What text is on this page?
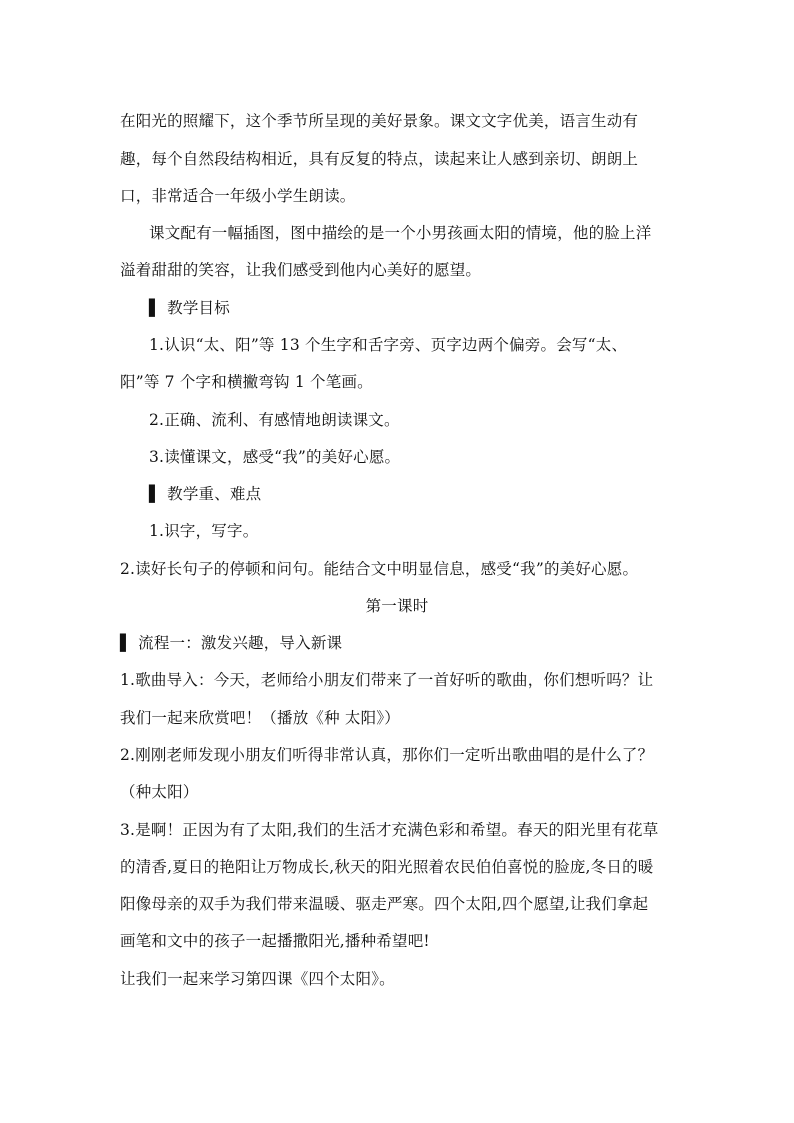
在阳光的照耀下，这个季节所呈现的美好景象。课文文字优美，语言生动有
趣，每个自然段结构相近，具有反复的特点，读起来让人感到亲切、朗朗上
口，非常适合一年级小学生朗读。
课文配有一幅插图，图中描绘的是一个小男孩画太阳的情境，他的脸上洋
溢着甜甜的笑容，让我们感受到他内心美好的愿望。
▌ 教学目标
1.认识“太、阳”等 13 个生字和舌字旁、页字边两个偏旁。会写“太、
阳”等 7 个字和横撇弯钩 1 个笔画。
2.正确、流利、有感情地朗读课文。
3.读懂课文，感受“我”的美好心愿。
▌ 教学重、难点
1.识字，写字。
2.读好长句子的停顿和问句。能结合文中明显信息，感受“我”的美好心愿。
第一课时
▌ 流程一：激发兴趣，导入新课
1.歌曲导入：今天，老师给小朋友们带来了一首好听的歌曲，你们想听吗？让
我们一起来欣赏吧！（播放《种 太阳》）
2.刚刚老师发现小朋友们听得非常认真，那你们一定听出歌曲唱的是什么了？
（种太阳）
3.是啊！正因为有了太阳,我们的生活才充满色彩和希望。春天的阳光里有花草
的清香,夏日的艳阳让万物成长,秋天的阳光照着农民伯伯喜悦的脸庞,冬日的暖
阳像母亲的双手为我们带来温暖、驱走严寒。四个太阳,四个愿望,让我们拿起
画笔和文中的孩子一起播撒阳光,播种希望吧!
让我们一起来学习第四课《四个太阳》。
